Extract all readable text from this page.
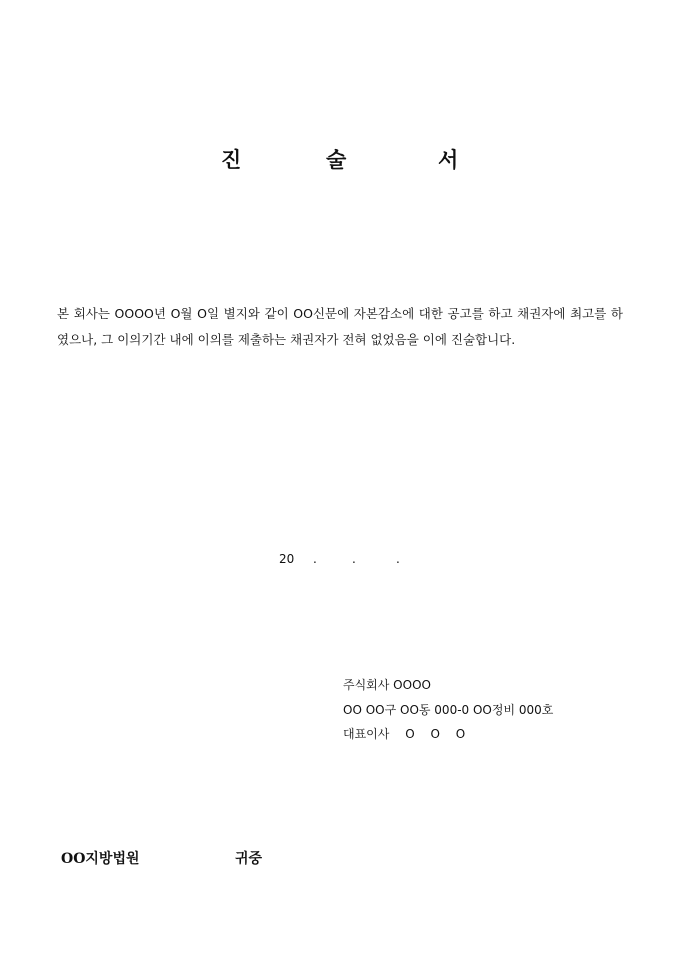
진	술	서

본 회사는 OOOO년 O월 O일 별지와 같이 OO신문에 자본감소에 대한 공고를 하고 채권자에 최고를 하였으나, 그 이의기간 내에 이의를 제출하는 채권자가 전혀 없었음을 이에 진술합니다.

20 .	.	.
주식회사 OOOO
OO OO구 OO동 000-0 OO정비 000호
대표이사 O O O
OO지방법원	귀중
